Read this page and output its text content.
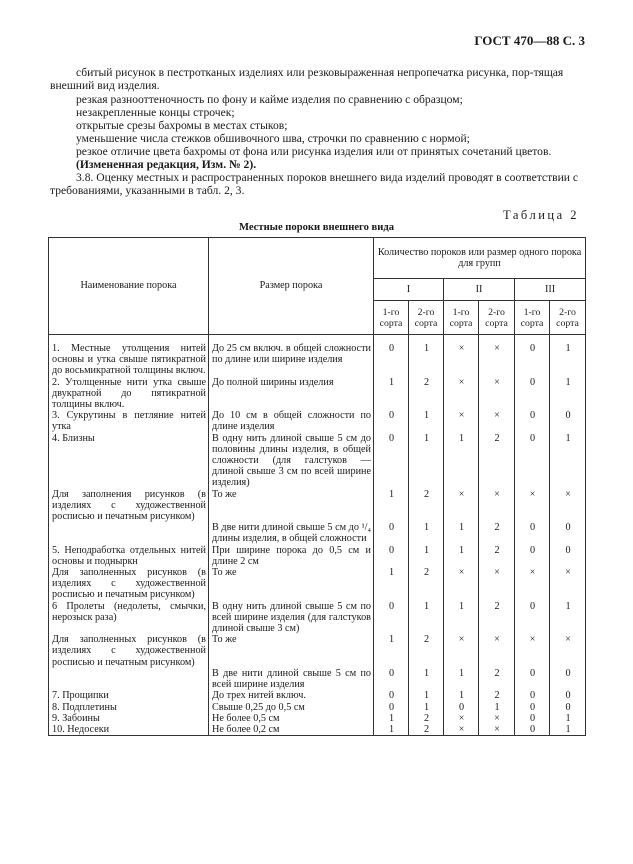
ГОСТ 470—88 С. 3

сбитый рисунок в пестротканых изделиях или резковыраженная непропечатка рисунка, пор-тящая внешний вид изделия.

резкая разнооттеночность по фону и кайме изделия по сравнению с образцом;

незакрепленные концы строчек;

открытые срезы бахромы в местах стыков;

уменьшение числа стежков обшивочного шва, строчки по сравнению с нормой;

резкое отличие цвета бахромы от фона или рисунка изделия или от принятых сочетаний цветов.

(Измененная редакция, Изм. № 2).

3.8. Оценку местных и распространенных пороков внешнего вида изделий проводят в соответствии с требованиями, указанными в табл. 2, 3.

Таблица 2
Местные пороки внешнего вида
Наименование порока	Размер порока	Количество пороков или размер одного порока для групп					
		I		II		III	
		1-го сорта	2-го сорта	1-го сорта	2-го сорта	1-го сорта	2-го сорта

1. Местные утолщения нитей основы и утка свыше пятикратной до восьмикратной толщины включ.	До 25 см включ. в общей сложности по длине или ширине изделия	0	1	×	×	0	1
2. Утолщенные нити утка свыше двукратной до пятикратной толщины включ.	До полной ширины изделия	1	2	×	×	0	1
3. Сукрутины в петляние нитей утка	До 10 см в общей сложности по длине изделия	0	1	×	×	0	0
4. Близны	В одну нить длиной свыше 5 см до половины длины изделия, в общей сложности (для галстуков — длиной свыше 3 см по всей ширине изделия)	0	1	1	2	0	1
Для заполнения рисунков (в изделиях с художественной росписью и печатным рисунком)	То же	1	2	×	×	×	×
	В две нити длиной свыше 5 см до ¹/₄ длины изделия, в общей сложности	0	1	1	2	0	0
5. Неподработка отдельных нитей основы и подныркн	При ширине порока до 0,5 см и длине 2 см	0	1	1	2	0	0
Для заполненных рисунков (в изделиях с художественной росписью и печатным рисунком)	То же	1	2	×	×	×	×
6 Пролеты (недолеты, смычки, нерозыск раза)	В одну нить длиной свыше 5 см по всей ширине изделия (для галстуков длиной свыше 3 см)	0	1	1	2	0	1
Для заполненных рисунков (в изделиях с художественной росписью и печатным рисунком)	То же	1	2	×	×	×	×
	В две нити длиной свыше 5 см по всей ширине изделия	0	1	1	2	0	0
7. Прощипки	До трех нитей включ.	0	1	1	2	0	0
8. Подплетины	Свыше 0,25 до 0,5 см	0	1	0	1	0	0
9. Забоины	Не более 0,5 см	1	2	×	×	0	1
10. Недосеки	Не более 0,2 см	1	2	×	×	0	1
